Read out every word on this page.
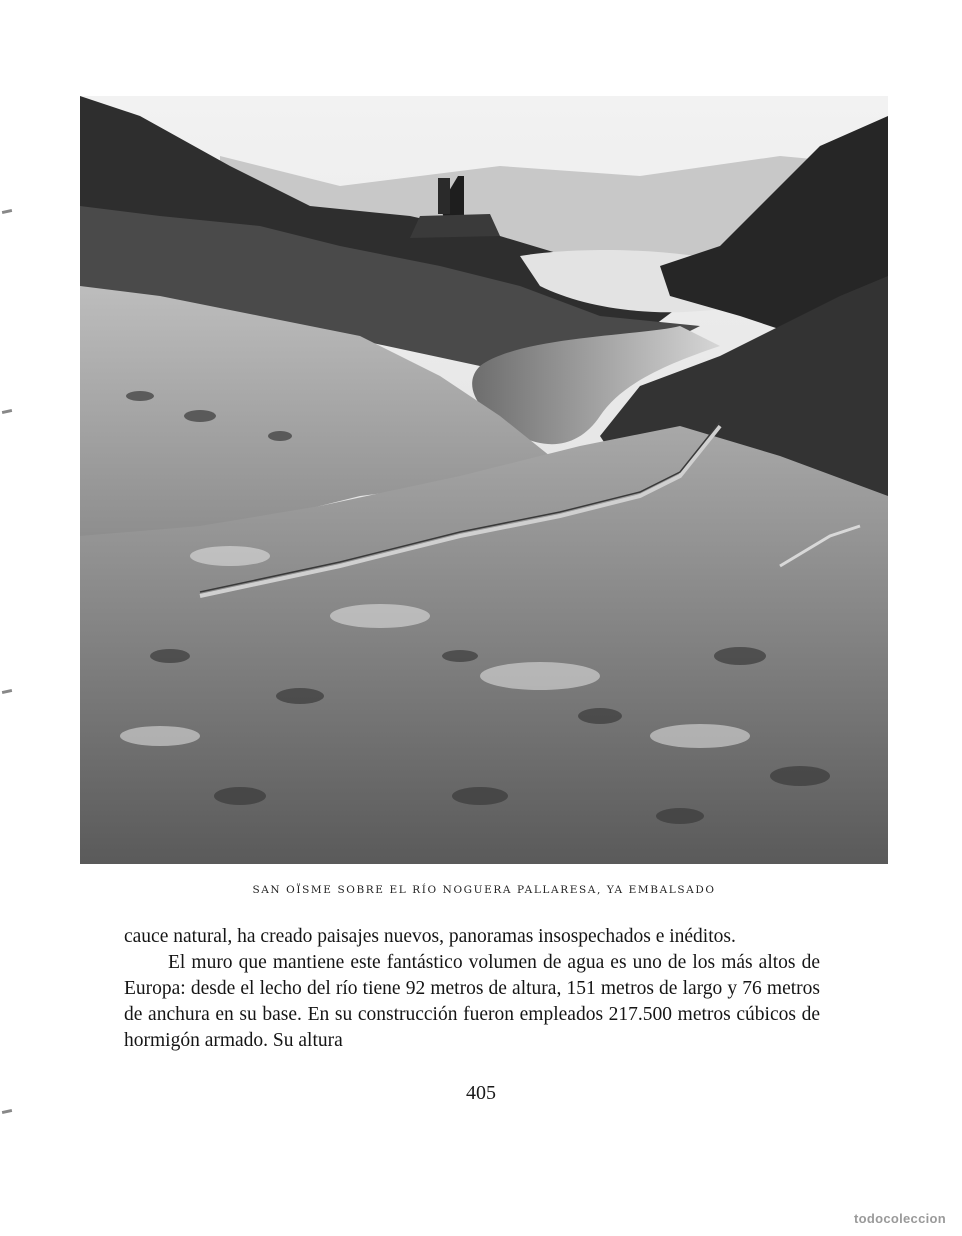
SAN OÏSME SOBRE EL RÍO NOGUERA PALLARESA, YA EMBALSADO

cauce natural, ha creado paisajes nuevos, panoramas insospechados e inéditos.

El muro que mantiene este fantástico volumen de agua es uno de los más altos de Europa: desde el lecho del río tiene 92 metros de altura, 151 metros de largo y 76 metros de anchura en su base. En su construcción fueron empleados 217.500 metros cúbicos de hormigón armado. Su altura

405
todocoleccion
